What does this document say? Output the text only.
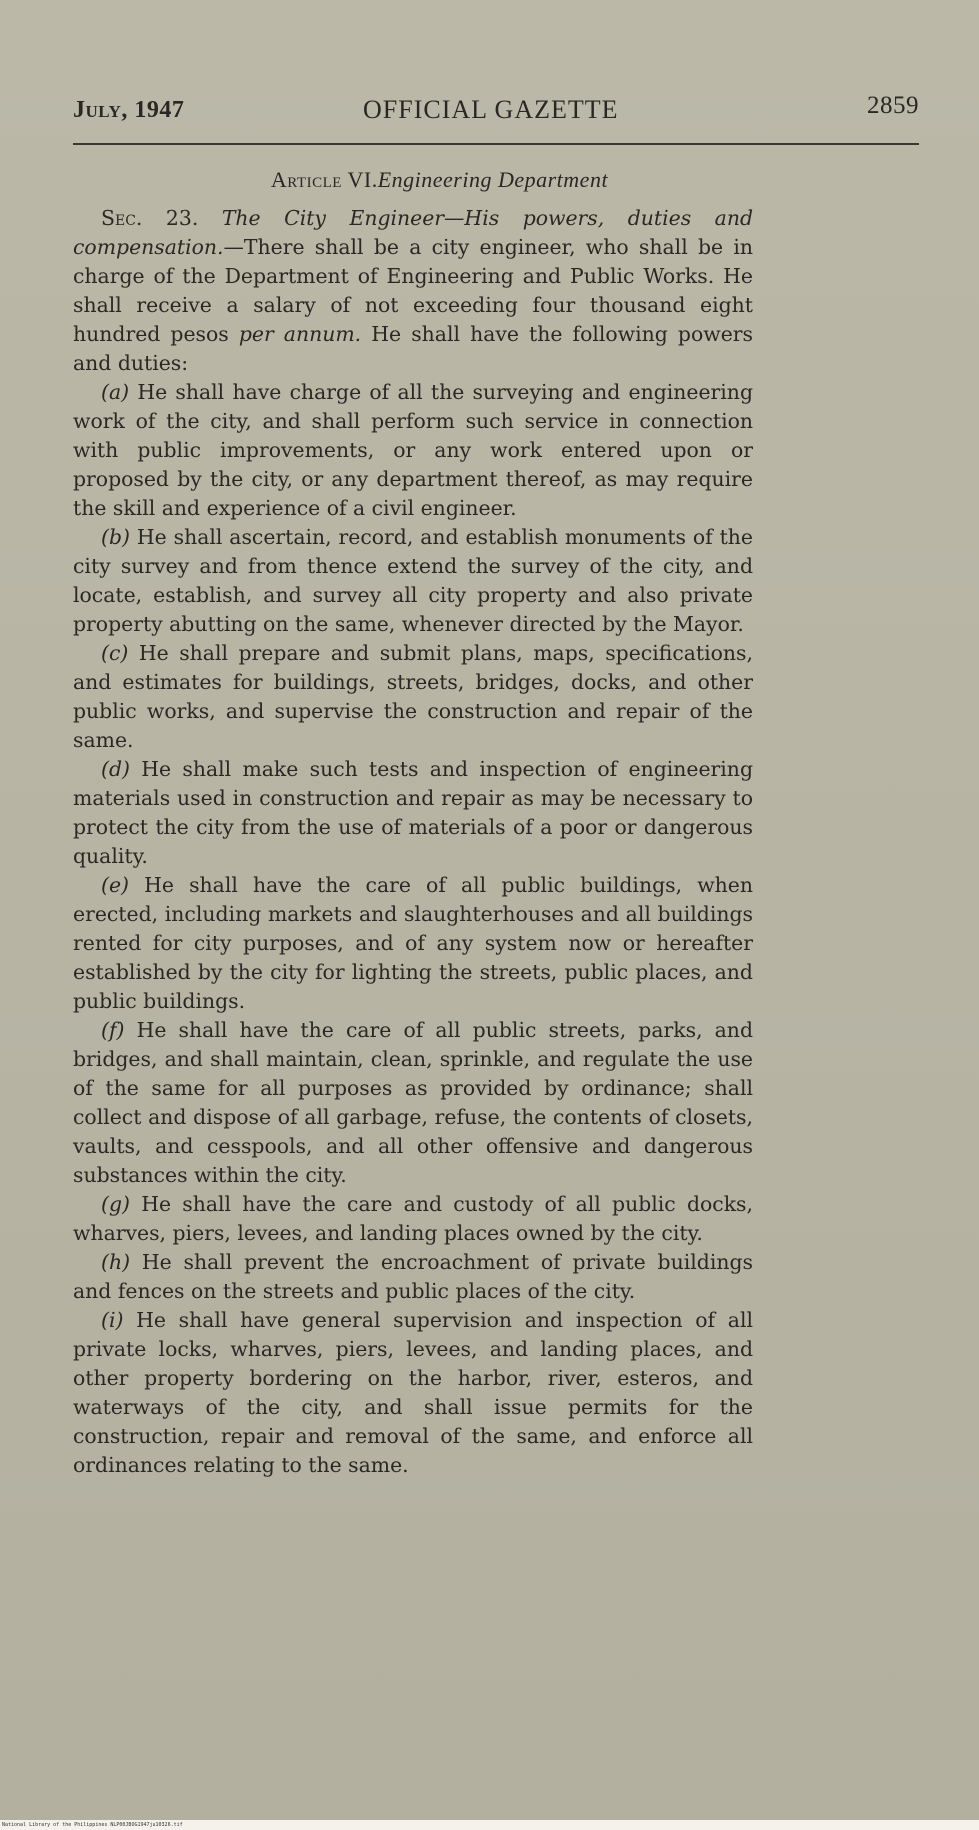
July, 1947	OFFICIAL GAZETTE	2859
Article VI.Engineering Department

Sec. 23. The City Engineer—His powers, duties and compensation.—There shall be a city engineer, who shall be in charge of the Department of Engineering and Public Works. He shall receive a salary of not exceeding four thousand eight hundred pesos per annum. He shall have the following powers and duties:

(a) He shall have charge of all the surveying and engineering work of the city, and shall perform such service in connection with public improvements, or any work entered upon or proposed by the city, or any department thereof, as may require the skill and experience of a civil engineer.

(b) He shall ascertain, record, and establish monuments of the city survey and from thence extend the survey of the city, and locate, establish, and survey all city property and also private property abutting on the same, whenever directed by the Mayor.

(c) He shall prepare and submit plans, maps, specifications, and estimates for buildings, streets, bridges, docks, and other public works, and supervise the construction and repair of the same.

(d) He shall make such tests and inspection of engineering materials used in construction and repair as may be necessary to protect the city from the use of materials of a poor or dangerous quality.

(e) He shall have the care of all public buildings, when erected, including markets and slaughterhouses and all buildings rented for city purposes, and of any system now or hereafter established by the city for lighting the streets, public places, and public buildings.

(f) He shall have the care of all public streets, parks, and bridges, and shall maintain, clean, sprinkle, and regulate the use of the same for all purposes as provided by ordinance; shall collect and dispose of all garbage, refuse, the contents of closets, vaults, and cesspools, and all other offensive and dangerous substances within the city.

(g) He shall have the care and custody of all public docks, wharves, piers, levees, and landing places owned by the city.

(h) He shall prevent the encroachment of private buildings and fences on the streets and public places of the city.

(i) He shall have general supervision and inspection of all private locks, wharves, piers, levees, and landing places, and other property bordering on the harbor, river, esteros, and waterways of the city, and shall issue permits for the construction, repair and removal of the same, and enforce all ordinances relating to the same.

National Library of the Philippines NLP00JBOG1947ju10326.tif
